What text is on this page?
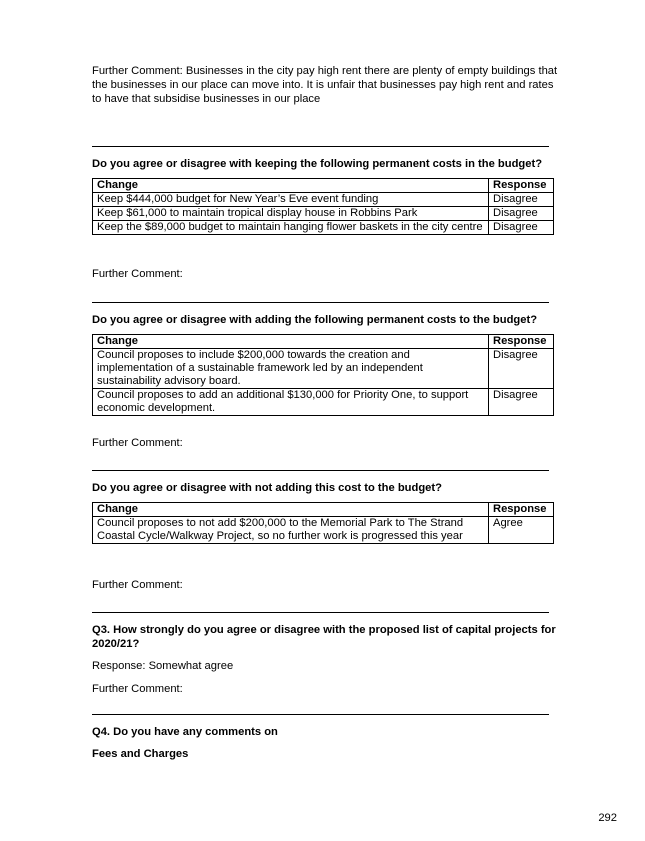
Further Comment: Businesses in the city pay high rent there are plenty of empty buildings that the businesses in our place can move into. It is unfair that businesses pay high rent and rates to have that subsidise businesses in our place
Do you agree or disagree with keeping the following permanent costs in the budget?
Change	Response
Keep $444,000 budget for New Year’s Eve event funding	Disagree
Keep $61,000 to maintain tropical display house in Robbins Park	Disagree
Keep the $89,000 budget to maintain hanging flower baskets in the city centre	Disagree
Further Comment:
Do you agree or disagree with adding the following permanent costs to the budget?
Change	Response
Council proposes to include $200,000 towards the creation and implementation of a sustainable framework led by an independent sustainability advisory board.	Disagree
Council proposes to add an additional $130,000 for Priority One, to support economic development.	Disagree
Further Comment:
Do you agree or disagree with not adding this cost to the budget?
Change	Response
Council proposes to not add $200,000 to the Memorial Park to The Strand Coastal Cycle/Walkway Project, so no further work is progressed this year	Agree
Further Comment:
Q3. How strongly do you agree or disagree with the proposed list of capital projects for 2020/21?
Response: Somewhat agree
Further Comment:
Q4. Do you have any comments on
Fees and Charges
292
